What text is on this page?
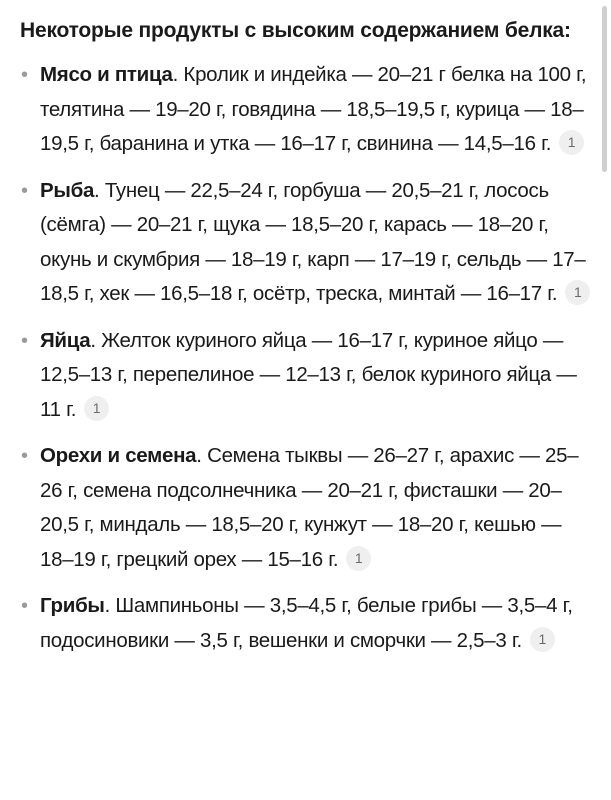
Некоторые продукты с высоким содержанием белка:
• Мясо и птица. Кролик и индейка — 20–21 г белка на 100 г, телятина — 19–20 г, говядина — 18,5–19,5 г, курица — 18–19,5 г, баранина и утка — 16–17 г, свинина — 14,5–16 г. 1
• Рыба. Тунец — 22,5–24 г, горбуша — 20,5–21 г, лосось (сёмга) — 20–21 г, щука — 18,5–20 г, карась — 18–20 г, окунь и скумбрия — 18–19 г, карп — 17–19 г, сельдь — 17–18,5 г, хек — 16,5–18 г, осётр, треска, минтай — 16–17 г. 1
• Яйца. Желток куриного яйца — 16–17 г, куриное яйцо — 12,5–13 г, перепелиное — 12–13 г, белок куриного яйца — 11 г. 1
• Орехи и семена. Семена тыквы — 26–27 г, арахис — 25–26 г, семена подсолнечника — 20–21 г, фисташки — 20–20,5 г, миндаль — 18,5–20 г, кунжут — 18–20 г, кешью — 18–19 г, грецкий орех — 15–16 г. 1
• Грибы. Шампиньоны — 3,5–4,5 г, белые грибы — 3,5–4 г, подосиновики — 3,5 г, вешенки и сморчки — 2,5–3 г. 1
